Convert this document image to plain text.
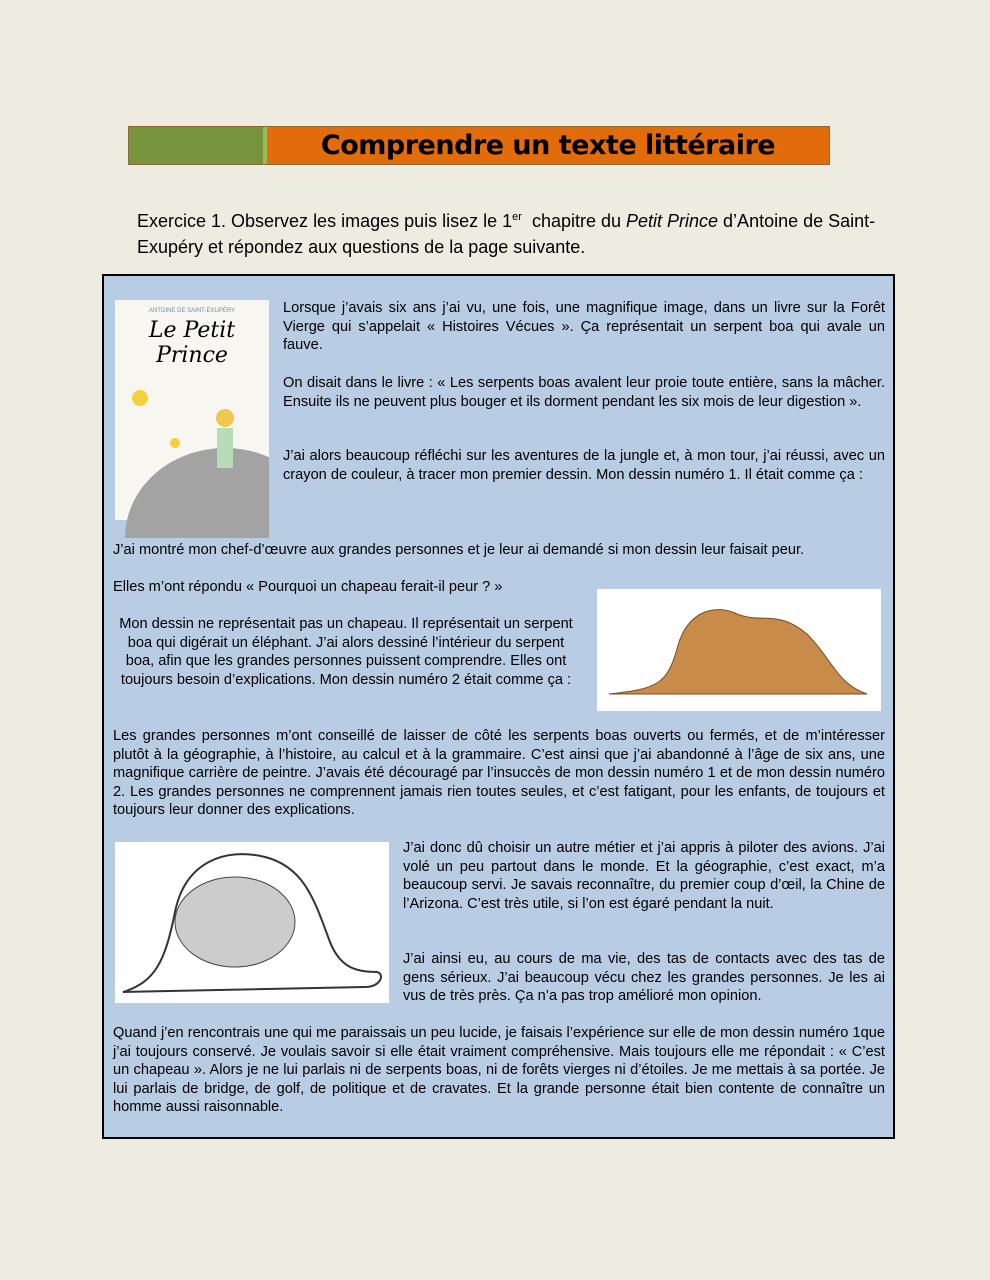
Comprendre un texte littéraire
Exercice 1. Observez les images puis lisez le 1er  chapitre du Petit Prince d’Antoine de Saint-Exupéry et répondez aux questions de la page suivante.
ANTOINE DE SAINT-EXUPÉRY
Le Petit Prince
Lorsque j’avais six ans j’ai vu, une fois, une magnifique image, dans un livre sur la Forêt Vierge qui s’appelait « Histoires Vécues ». Ça représentait un serpent boa qui avale un fauve.
On disait dans le livre : « Les serpents boas avalent leur proie toute entière, sans la mâcher. Ensuite ils ne peuvent plus bouger et ils dorment pendant les six mois de leur digestion ».
J’ai alors beaucoup réfléchi sur les aventures de la jungle et, à mon tour, j’ai réussi, avec un crayon de couleur, à tracer mon premier dessin. Mon dessin numéro 1. Il était comme ça :
J’ai montré mon chef-d’œuvre aux grandes personnes et je leur ai demandé si mon dessin leur faisait peur.
Elles m’ont répondu « Pourquoi un chapeau ferait-il peur ? »
Mon dessin ne représentait pas un chapeau. Il représentait un serpent boa qui digérait un éléphant. J’ai alors dessiné l’intérieur du serpent boa, afin que les grandes personnes puissent comprendre. Elles ont toujours besoin d’explications. Mon dessin numéro 2 était comme ça :
Les grandes personnes m’ont conseillé de laisser de côté les serpents boas ouverts ou fermés, et de m’intéresser plutôt à la géographie, à l’histoire, au calcul et à la grammaire. C’est ainsi que j’ai abandonné à l’âge de six ans, une magnifique carrière de peintre. J’avais été découragé par l’insuccès de mon dessin numéro 1 et de mon dessin numéro 2. Les grandes personnes ne comprennent jamais rien toutes seules, et c’est fatigant, pour les enfants, de toujours et toujours leur donner des explications.
J’ai donc dû choisir un autre métier et j’ai appris à piloter des avions. J’ai volé un peu partout dans le monde. Et la géographie, c’est exact, m’a beaucoup servi. Je savais reconnaître, du premier coup d’œil, la Chine de l’Arizona. C’est très utile, si l’on est égaré pendant la nuit.
J’ai ainsi eu, au cours de ma vie, des tas de contacts avec des tas de gens sérieux. J’ai beaucoup vécu chez les grandes personnes. Je les ai vus de très près. Ça n’a pas trop amélioré mon opinion.
Quand j’en rencontrais une qui me paraissais un peu lucide, je faisais l’expérience sur elle de mon dessin numéro 1que j’ai toujours conservé. Je voulais savoir si elle était vraiment compréhensive. Mais toujours elle me répondait : « C’est un chapeau ». Alors je ne lui parlais ni de serpents boas, ni de forêts vierges ni d’étoiles. Je me mettais à sa portée. Je lui parlais de bridge, de golf, de politique et de cravates. Et la grande personne était bien contente de connaître un homme aussi raisonnable.
